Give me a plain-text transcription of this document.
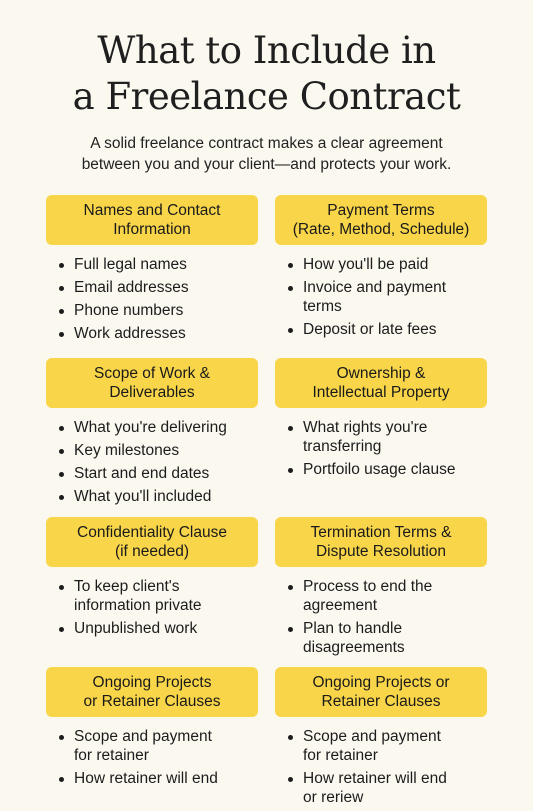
What to Include in
a Freelance Contract
A solid freelance contract makes a clear agreement
between you and your client—and protects your work.
Names and Contact
Information
Full legal names
Email addresses
Phone numbers
Work addresses
Payment Terms
(Rate, Method, Schedule)
How you'll be paid
Invoice and payment terms
Deposit or late fees
Scope of Work &
Deliverables
What you're delivering
Key milestones
Start and end dates
What you'll included
Ownership &
Intellectual Property
What rights you're
transferring
Portfoilo usage clause
Confidentiality Clause
(if needed)
To keep client's
information private
Unpublished work
Termination Terms &
Dispute Resolution
Process to end the
agreement
Plan to handle
disagreements
Ongoing Projects
or Retainer Clauses
Scope and payment
for retainer
How retainer will end
Ongoing Projects or
Retainer Clauses
Scope and payment
for retainer
How retainer will end
or reriew
